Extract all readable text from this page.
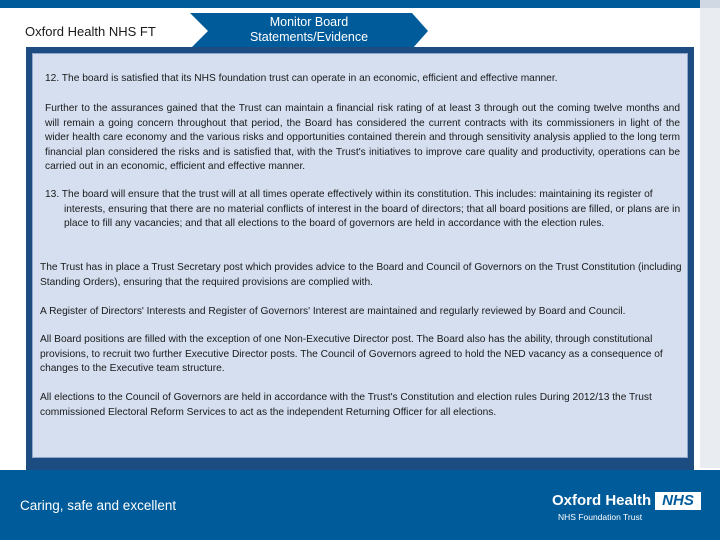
Oxford Health NHS FT
Monitor Board
Statements/Evidence
12. The board is satisfied that its NHS foundation trust can operate in an economic, efficient and effective manner.
Further to the assurances gained that the Trust can maintain a financial risk rating of at least 3 through out the coming twelve months and will remain a going concern throughout that period, the Board has considered the current contracts with its commissioners in light of the wider health care economy and the various risks and opportunities contained therein and through sensitivity analysis applied to the long term financial plan considered the risks and is satisfied that, with the Trust's initiatives to improve care quality and productivity, operations can be carried out in an economic, efficient and effective manner.
13. The board will ensure that the trust will at all times operate effectively within its constitution. This includes: maintaining its register of interests, ensuring that there are no material conflicts of interest in the board of directors; that all board positions are filled, or plans are in place to fill any vacancies; and that all elections to the board of governors are held in accordance with the election rules.
The Trust has in place a Trust Secretary post which provides advice to the Board and Council of Governors on the Trust Constitution (including Standing Orders), ensuring that the required provisions are complied with.
A Register of Directors' Interests and Register of Governors' Interest are maintained and regularly reviewed by Board and Council.
All Board positions are filled with the exception of one Non-Executive Director post. The Board also has the ability, through constitutional provisions, to recruit two further Executive Director posts. The Council of Governors agreed to hold the NED vacancy as a consequence of changes to the Executive team structure.
All elections to the Council of Governors are held in accordance with the Trust's Constitution and election rules During 2012/13 the Trust commissioned Electoral Reform Services to act as the independent Returning Officer for all elections.
Caring, safe and excellent	Oxford Health NHS
NHS Foundation Trust
